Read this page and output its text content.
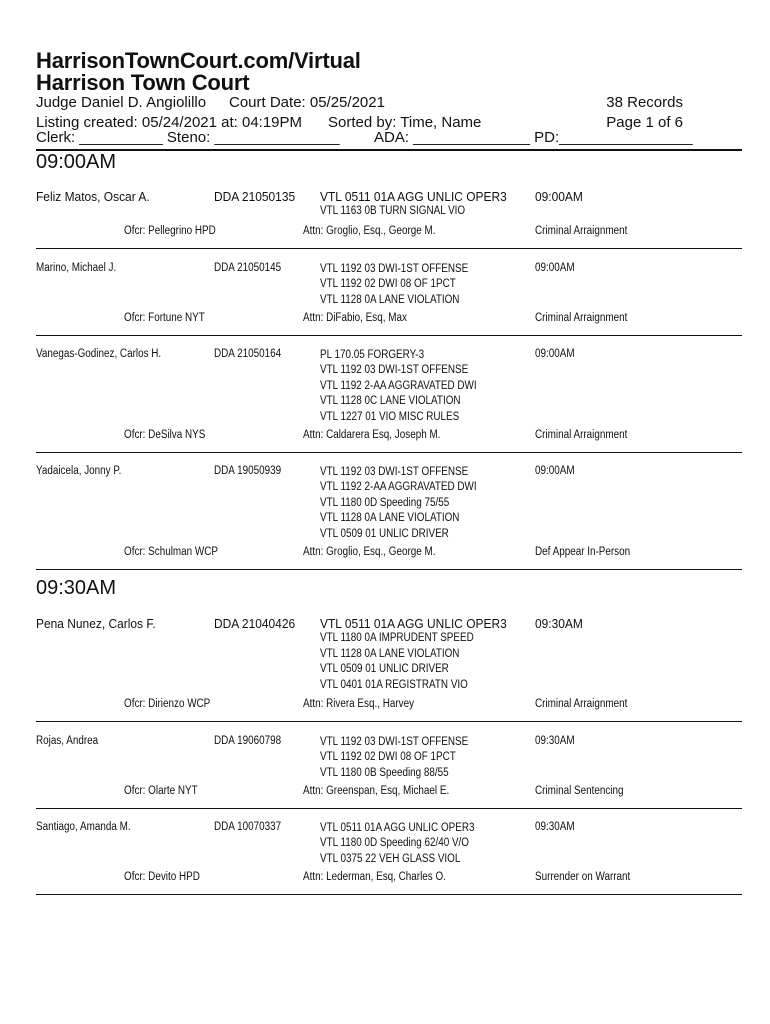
HarrisonTownCourt.com/Virtual
Harrison Town Court
Judge Daniel D. Angiolillo Court Date: 05/25/2021	38 Records
Listing created: 05/24/2021 at: 04:19PM Sorted by: Time, Name	Page 1 of 6
Clerk: __________ Steno: _______________ ADA: ______________ PD:________________
09:00AM
Feliz Matos, Oscar A.	DDA 21050135 VTL 0511 01A AGG UNLIC OPER3
VTL 1163 0B TURN SIGNAL VIO
09:00AM
Ofcr: Pellegrino HPD	Attn: Groglio, Esq., George M.	Criminal Arraignment
Marino, Michael J.	DDA 21050145	VTL 1192 03 DWI-1ST OFFENSE
VTL 1192 02 DWI 08 OF 1PCT
VTL 1128 0A LANE VIOLATION
09:00AM
Ofcr: Fortune NYT	Attn: DiFabio, Esq, Max	Criminal Arraignment
Vanegas-Godinez, Carlos H.	DDA 21050164	PL 170.05 FORGERY-3
VTL 1192 03 DWI-1ST OFFENSE
VTL 1192 2-AA AGGRAVATED DWI
VTL 1128 0C LANE VIOLATION
VTL 1227 01 VIO MISC RULES
09:00AM
Ofcr: DeSilva NYS	Attn: Caldarera Esq, Joseph M.	Criminal Arraignment
Yadaicela, Jonny P.	DDA 19050939	VTL 1192 03 DWI-1ST OFFENSE
VTL 1192 2-AA AGGRAVATED DWI
VTL 1180 0D Speeding 75/55
VTL 1128 0A LANE VIOLATION
VTL 0509 01 UNLIC DRIVER
09:00AM
Ofcr: Schulman WCP	Attn: Groglio, Esq., George M.	Def Appear In-Person
09:30AM
Pena Nunez, Carlos F.	DDA 21040426 VTL 0511 01A AGG UNLIC OPER3
VTL 1180 0A IMPRUDENT SPEED
VTL 1128 0A LANE VIOLATION
VTL 0509 01 UNLIC DRIVER
VTL 0401 01A REGISTRATN VIO
09:30AM
Ofcr: Dirienzo WCP	Attn: Rivera Esq., Harvey	Criminal Arraignment
Rojas, Andrea	DDA 19060798	VTL 1192 03 DWI-1ST OFFENSE
VTL 1192 02 DWI 08 OF 1PCT
VTL 1180 0B Speeding 88/55
09:30AM
Ofcr: Olarte NYT	Attn: Greenspan, Esq, Michael E.	Criminal Sentencing
Santiago, Amanda M.	DDA 10070337	VTL 0511 01A AGG UNLIC OPER3
VTL 1180 0D Speeding 62/40 V/O
VTL 0375 22 VEH GLASS VIOL
09:30AM
Ofcr: Devito HPD	Attn: Lederman, Esq, Charles O.	Surrender on Warrant
